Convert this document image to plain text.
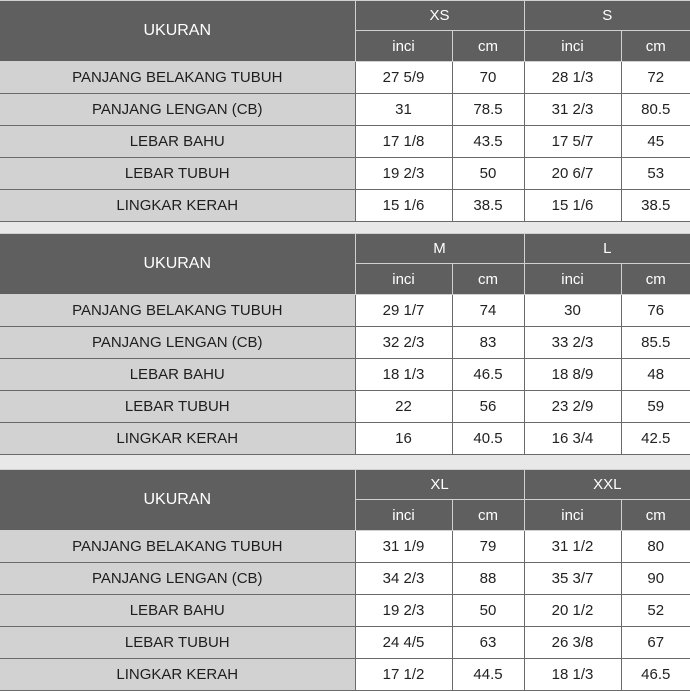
UKURAN	XS		S	
	inci	cm	inci	cm
PANJANG BELAKANG TUBUH	27 5/9	70	28 1/3	72
PANJANG LENGAN (CB)	31	78.5	31 2/3	80.5
LEBAR BAHU	17 1/8	43.5	17 5/7	45
LEBAR TUBUH	19 2/3	50	20 6/7	53
LINGKAR KERAH	15 1/6	38.5	15 1/6	38.5
UKURAN	M		L	
	inci	cm	inci	cm
PANJANG BELAKANG TUBUH	29 1/7	74	30	76
PANJANG LENGAN (CB)	32 2/3	83	33 2/3	85.5
LEBAR BAHU	18 1/3	46.5	18 8/9	48
LEBAR TUBUH	22	56	23 2/9	59
LINGKAR KERAH	16	40.5	16 3/4	42.5
UKURAN	XL		XXL	
	inci	cm	inci	cm
PANJANG BELAKANG TUBUH	31 1/9	79	31 1/2	80
PANJANG LENGAN (CB)	34 2/3	88	35 3/7	90
LEBAR BAHU	19 2/3	50	20 1/2	52
LEBAR TUBUH	24 4/5	63	26 3/8	67
LINGKAR KERAH	17 1/2	44.5	18 1/3	46.5
